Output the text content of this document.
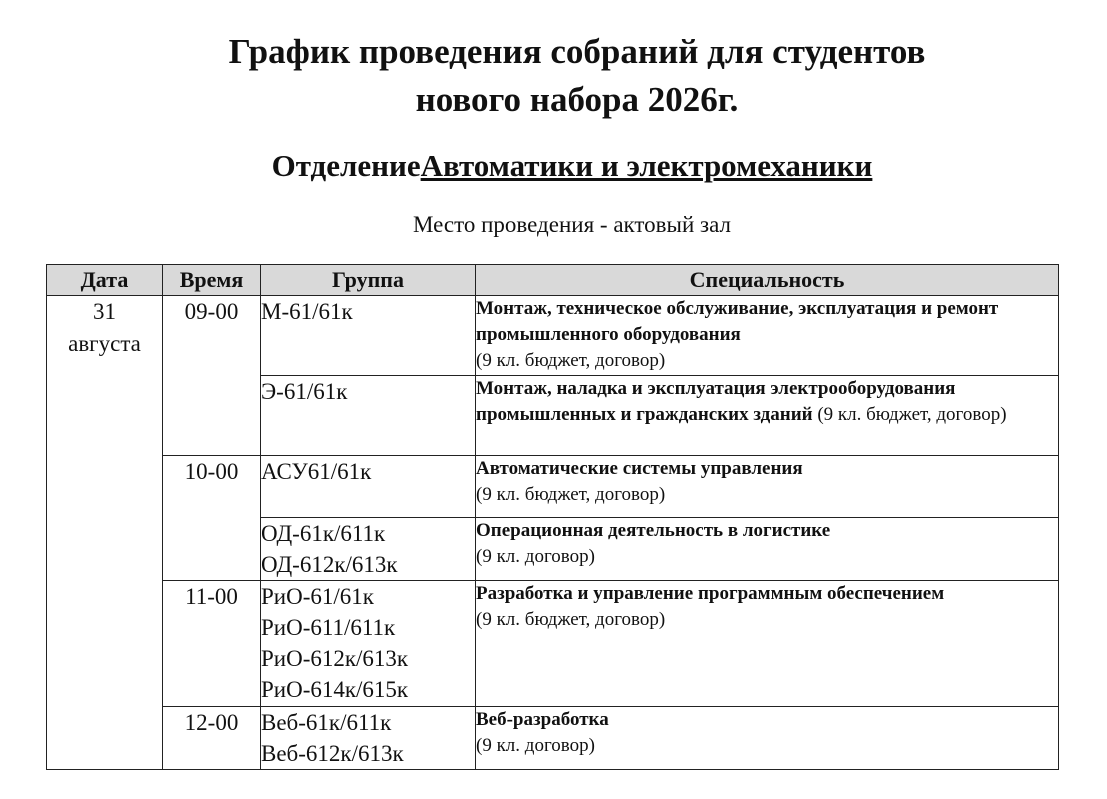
График проведения собраний для студентов
нового набора 2026г.
ОтделениеАвтоматики и электромеханики
Место проведения - актовый зал
Дата	Время	Группа	Специальность

31
августа	09-00	М-61/61к	Монтаж, техническое обслуживание, эксплуатация и ремонт промышленного оборудования
(9 кл. бюджет, договор)

		Э-61/61к	Монтаж, наладка и эксплуатация электрооборудования промышленных и гражданских зданий (9 кл. бюджет, договор)
	10-00	АСУ61/61к	Автоматические системы управления
(9 кл. бюджет, договор)

		ОД-61к/611к
ОД-612к/613к	Операционная деятельность в логистике
(9 кл. договор)
	11-00	РиО-61/61к
РиО-611/611к
РиО-612к/613к
РиО-614к/615к	Разработка и управление программным обеспечением
(9 кл. бюджет, договор)
	12-00	Веб-61к/611к
Веб-612к/613к	Веб-разработка
(9 кл. договор)
